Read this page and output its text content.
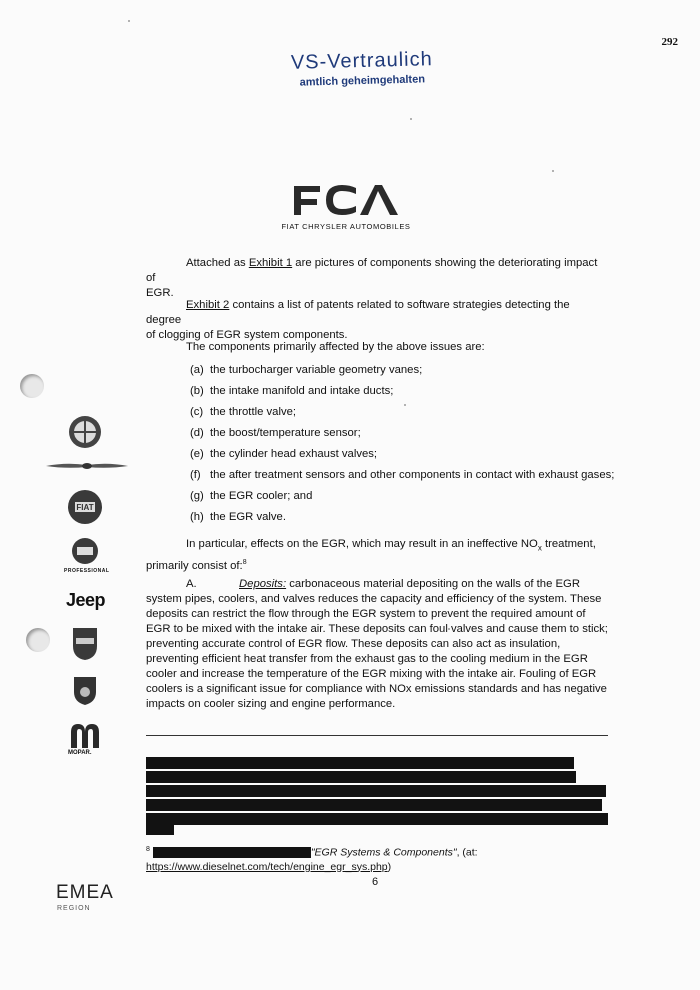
292
VS-Vertraulich
amtlich geheimgehalten
FIAT CHRYSLER AUTOMOBILES

Attached as Exhibit 1 are pictures of components showing the deteriorating impact of

EGR.

Exhibit 2 contains a list of patents related to software strategies detecting the degree

of clogging of EGR system components.

The components primarily affected by the above issues are:

(a) the turbocharger variable geometry vanes;
(b) the intake manifold and intake ducts;
(c) the throttle valve;
(d) the boost/temperature sensor;
(e) the cylinder head exhaust valves;
(f) the after treatment sensors and other components in contact with exhaust gases;
(g) the EGR cooler; and
(h) the EGR valve.

In particular, effects on the EGR, which may result in an ineffective $NO_x$ treatment,

primarily consist of:$^8$

A.	Deposits: carbonaceous material depositing on the walls of the EGR system pipes, coolers, and valves reduces the capacity and efficiency of the system. These deposits can restrict the flow through the EGR system to prevent the required amount of EGR to be mixed with the intake air. These deposits can foul valves and cause them to stick; preventing accurate control of EGR flow. These deposits can also act as insulation, preventing efficient heat transfer from the exhaust gas to the cooling medium in the EGR cooler and increase the temperature of the EGR mixing with the intake air. Fouling of EGR coolers is a significant issue for compliance with NOx emissions standards and has negative impacts on cooler sizing and engine performance.

$^8$	"EGR Systems & Components", (at:
https://www.dieselnet.com/tech/engine_egr_sys.php)
6
FIAT
PROFESSIONAL
Jeep
MOPAR.
EMEA
REGION
